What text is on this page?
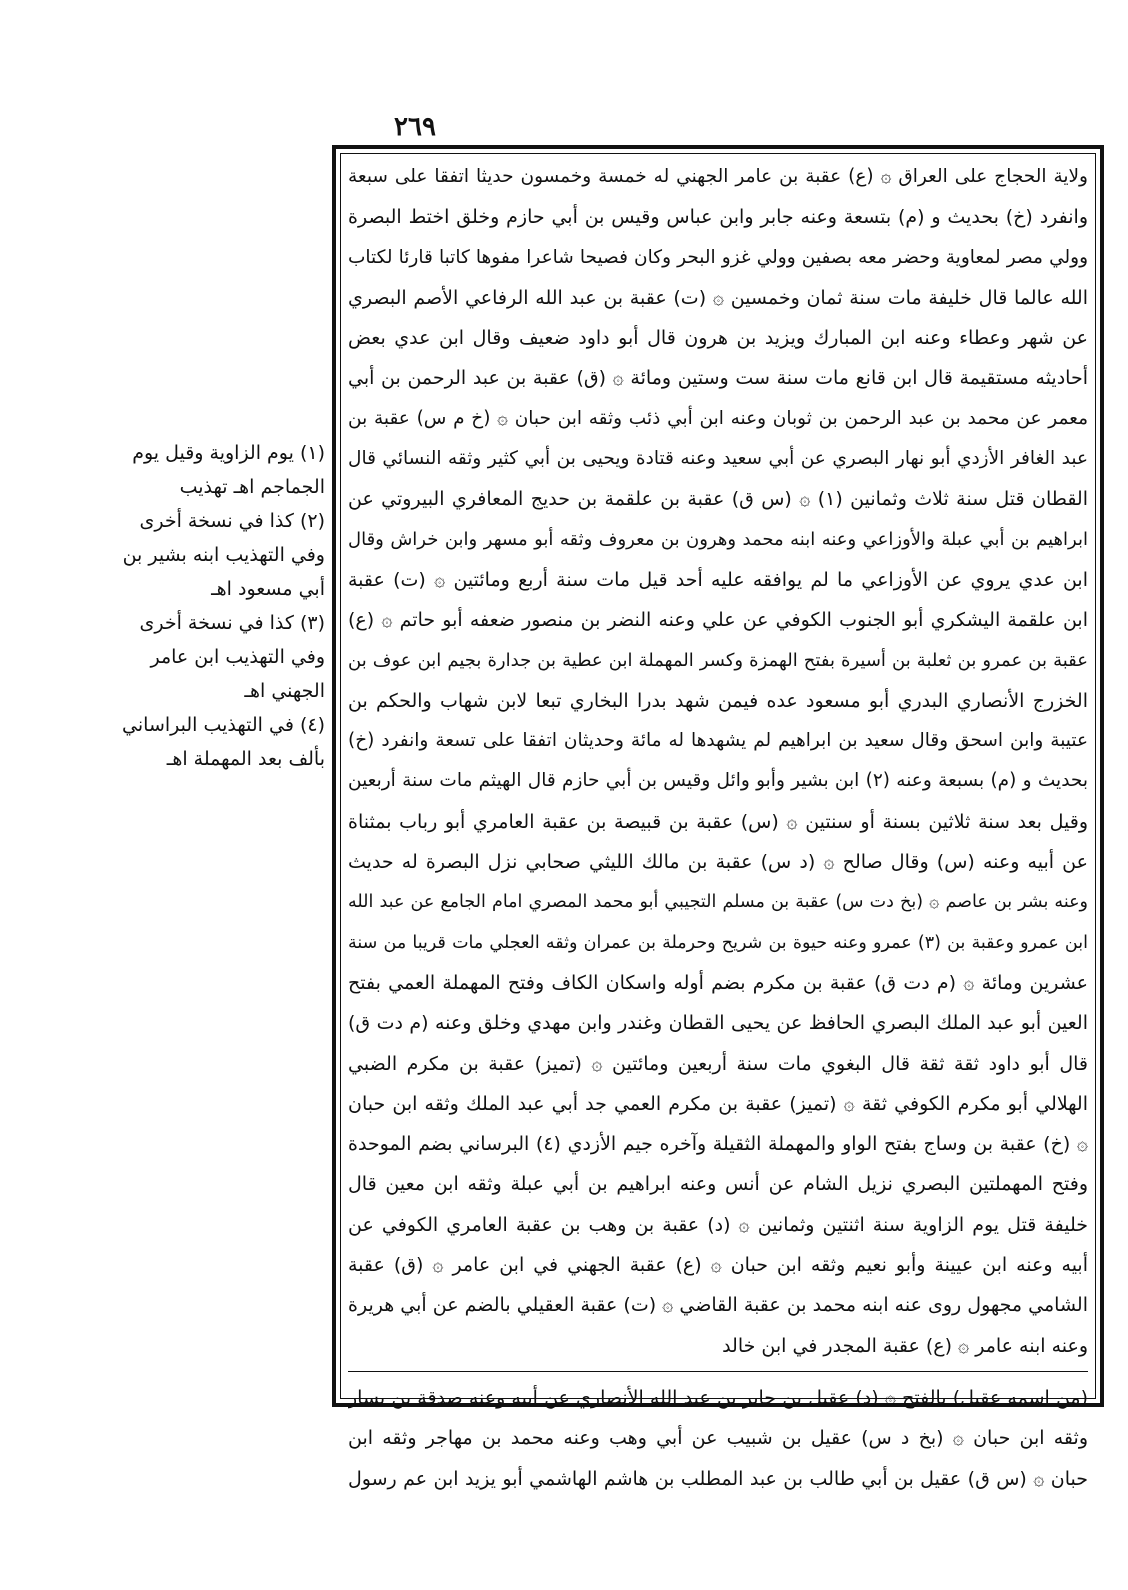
٢٦٩
(١) يوم الزاوية وقيل يوم
الجماجم اهـ تهذيب
(٢) كذا في نسخة أخرى
وفي التهذيب ابنه بشير بن
أبي مسعود اهـ
(٣) كذا في نسخة أخرى
وفي التهذيب ابن عامر
الجهني اهـ
(٤) في التهذيب البراساني
بألف بعد المهملة اهـ
ولاية الحجاج على العراق ۞ (ع) عقبة بن عامر الجهني له خمسة وخمسون حديثا اتفقا على سبعة
وانفرد (خ) بحديث و (م) بتسعة وعنه جابر وابن عباس وقيس بن أبي حازم وخلق اختط البصرة
وولي مصر لمعاوية وحضر معه بصفين وولي غزو البحر وكان فصيحا شاعرا مفوها كاتبا قارئا لكتاب
الله عالما قال خليفة مات سنة ثمان وخمسين ۞ (ت) عقبة بن عبد الله الرفاعي الأصم البصري
عن شهر وعطاء وعنه ابن المبارك ويزيد بن هرون قال أبو داود ضعيف وقال ابن عدي بعض
أحاديثه مستقيمة قال ابن قانع مات سنة ست وستين ومائة ۞ (ق) عقبة بن عبد الرحمن بن أبي
معمر عن محمد بن عبد الرحمن بن ثوبان وعنه ابن أبي ذئب وثقه ابن حبان ۞ (خ م س) عقبة بن
عبد الغافر الأزدي أبو نهار البصري عن أبي سعيد وعنه قتادة ويحيى بن أبي كثير وثقه النسائي قال
القطان قتل سنة ثلاث وثمانين (١) ۞ (س ق) عقبة بن علقمة بن حديج المعافري البيروتي عن
ابراهيم بن أبي عبلة والأوزاعي وعنه ابنه محمد وهرون بن معروف وثقه أبو مسهر وابن خراش وقال
ابن عدي يروي عن الأوزاعي ما لم يوافقه عليه أحد قيل مات سنة أربع ومائتين ۞ (ت) عقبة
ابن علقمة اليشكري أبو الجنوب الكوفي عن علي وعنه النضر بن منصور ضعفه أبو حاتم ۞ (ع)
عقبة بن عمرو بن ثعلبة بن أسيرة بفتح الهمزة وكسر المهملة ابن عطية بن جدارة بجيم ابن عوف بن
الخزرج الأنصاري البدري أبو مسعود عده فيمن شهد بدرا البخاري تبعا لابن شهاب والحكم بن
عتيبة وابن اسحق وقال سعيد بن ابراهيم لم يشهدها له مائة وحديثان اتفقا على تسعة وانفرد (خ)
بحديث و (م) بسبعة وعنه (٢) ابن بشير وأبو وائل وقيس بن أبي حازم قال الهيثم مات سنة أربعين
وقيل بعد سنة ثلاثين بسنة أو سنتين ۞ (س) عقبة بن قبيصة بن عقبة العامري أبو رباب بمثناة
عن أبيه وعنه (س) وقال صالح ۞ (د س) عقبة بن مالك الليثي صحابي نزل البصرة له حديث
وعنه بشر بن عاصم ۞ (بخ دت س) عقبة بن مسلم التجيبي أبو محمد المصري امام الجامع عن عبد الله
ابن عمرو وعقبة بن (٣) عمرو وعنه حيوة بن شريح وحرملة بن عمران وثقه العجلي مات قريبا من سنة
عشرين ومائة ۞ (م دت ق) عقبة بن مكرم بضم أوله واسكان الكاف وفتح المهملة العمي بفتح
العين أبو عبد الملك البصري الحافظ عن يحيى القطان وغندر وابن مهدي وخلق وعنه (م دت ق)
قال أبو داود ثقة ثقة قال البغوي مات سنة أربعين ومائتين ۞ (تميز) عقبة بن مكرم الضبي
الهلالي أبو مكرم الكوفي ثقة ۞ (تميز) عقبة بن مكرم العمي جد أبي عبد الملك وثقه ابن حبان
۞ (خ) عقبة بن وساج بفتح الواو والمهملة الثقيلة وآخره جيم الأزدي (٤) البرساني بضم الموحدة
وفتح المهملتين البصري نزيل الشام عن أنس وعنه ابراهيم بن أبي عبلة وثقه ابن معين قال
خليفة قتل يوم الزاوية سنة اثنتين وثمانين ۞ (د) عقبة بن وهب بن عقبة العامري الكوفي عن
أبيه وعنه ابن عيينة وأبو نعيم وثقه ابن حبان ۞ (ع) عقبة الجهني في ابن عامر ۞ (ق) عقبة
الشامي مجهول روى عنه ابنه محمد بن عقبة القاضي ۞ (ت) عقبة العقيلي بالضم عن أبي هريرة
وعنه ابنه عامر ۞ (ع) عقبة المجدر في ابن خالد
(من اسمه عقيل) بالفتح ۞ (د) عقيل بن جابر بن عبد الله الأنصاري عن أبيه وعنه صدقة بن يسار
وثقه ابن حبان ۞ (بخ د س) عقيل بن شبيب عن أبي وهب وعنه محمد بن مهاجر وثقه ابن
حبان ۞ (س ق) عقيل بن أبي طالب بن عبد المطلب بن هاشم الهاشمي أبو يزيد ابن عم رسول
